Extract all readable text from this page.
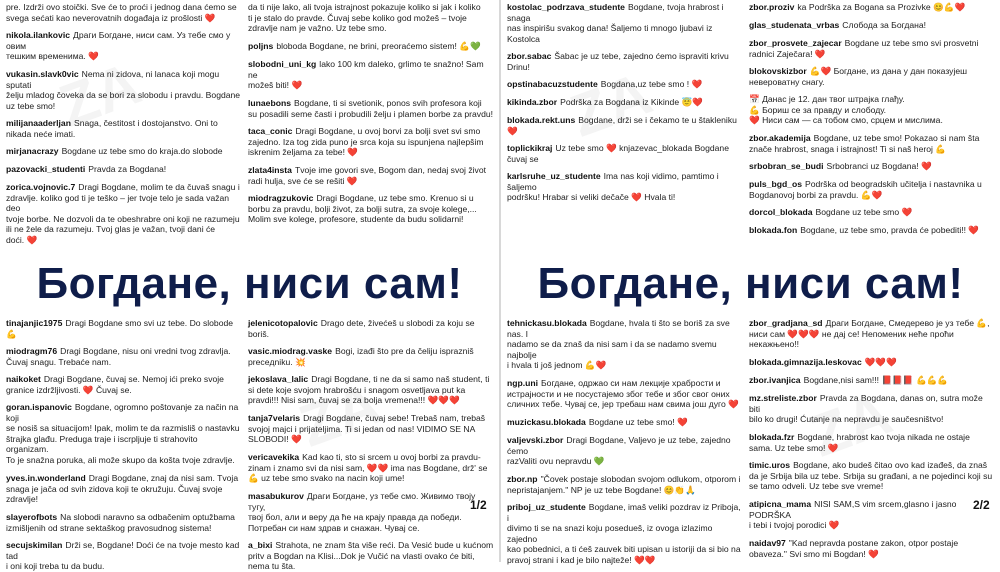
pre. Izdrži ovo stoički. Sve će to proći i jednog dana ćemo se
svega sećati kao neverovatnih događaja iz prošlosti ❤️
nikola.ilankovic Драги Богдане, ниси сам. Уз тебе смо у овим
тешким временима. ❤️
vukasin.slavk0vic Nema ni zidova, ni lanaca koji mogu sputati
želju mladog čoveka da se bori za slobodu i pravdu. Bogdane
uz tebe smo!
milijanaaderljan Snaga, čestitost i dostojanstvo. Oni to
nikada neće imati.
mirjanacrazy Bogdane uz tebe smo do kraja.do slobode
pazovacki_studenti Pravda za Bogdana!
zorica.vojnovic.7 Dragi Bogdane, molim te da čuvaš snagu i
zdravlje. koliko god ti je teško – jer tvoje telo je sada važan deo
tvoje borbe. Ne dozvoli da te obeshrabre oni koji ne razumeju
ili ne žele da razumeju. Tvoj glas je važan, tvoji dani će
doći. ❤️
tinajanjic1975 Dragi Bogdane smo svi uz tebe. Do slobode 💪
miodragm76 Dragi Bogdane, nisu oni vredni tvog zdravlja.
Čuvaj snagu. Trebaće nam.
naikoket Dragi Bogdane, čuvaj se. Nemoj ići preko svoje
granice izdržljivosti. ❤️ Čuvaj se.
goran.ispanovic Bogdane, ogromno poštovanje za način na koji
se nosiš sa situacijom! Ipak, molim te da razmisliš o nastavku
štrajka glađu. Preduga traje i iscrpljuje ti strahovito organizam.
To je snažna poruka, ali može skupo da košta tvoje zdravlje.
yves.in.wonderland Dragi Bogdane, znaj da nisi sam. Tvoja
snaga je jača od svih zidova koji te okružuju. Čuvaj svoje
zdravlje!
slayerofbots Na slobodi naravno sa odbačenim optužbama
izmišljenih od strane sektaškog pravosudnog sistema!
secujskimilan Drži se, Bogdane! Doći će na tvoje mesto kad tad
i oni koji treba tu da budu.
da ti nije lako, ali tvoja istrajnost pokazuje koliko si jak i koliko
ti je stalo do pravde. Čuvaj sebe koliko god možeš – tvoje
zdravlje nam je važno. Uz tebe smo.
poljns bloboda Bogdane, ne brini, preoraćemo sistem! 💪💚
slobodni_uni_kg lako 100 km daleko, grlimo te snažno! Sam ne
možeš biti! ❤️
lunaebons Bogdane, ti si svetionik, ponos svih profesora koji
su posadili seme časti i probudili želju i plamen borbe za pravdu!
taca_conic Dragi Bogdane, u ovoj borvi za bolji svet svi smo
zajedno. Iza tog zida puno je srca koja su ispunjena najlepšim
iskrenim željama za tebe! ❤️
zlata4insta Tvoje ime govori sve, Bogom dan, nedaj svoj život
radi hulja, sve će se rešiti ❤️
miodragzukovic Dragi Bogdane, uz tebe smo. Krenuo si u
borbu za pravdu, bolji život, za bolji sutra, za svoje kolege,...
Molim sve kolege, profesore, studente da budu solidarni!
jelenicotopalovic Drago dete, živećeš u slobodi za koju se boriš.
vasic.miodrag.vaske Bogi, izađi što pre da čeliju isprazniš
preceдniku. 💥
jekoslava_lalic Dragi Bogdane, ti ne da si samo naš student, ti
si dete koje svojom hrabrošću i snagom osvetljava put ka
pravdi!!! Nisi sam, čuvaj se za bolja vremena!!! ❤️❤️❤️
tanja7velaris Dragi Bogdane, čuvaj sebe! Trebaš nam, trebaš
svojoj majci i prijateljima. Ti si jedan od nas! VIDIMO SE NA
SLOBODI! ❤️
vericavekika Kad kao ti, sto si srcem u ovoj borbi za pravdu-
zinam i znamo svi da nisi sam, ❤️❤️ ima nas Bogdane, drž' se
💪 uz tebe smo svako na nacin koji ume!
masabukurov Драги Богдане, уз тебе смо. Живимо твоју тугу,
твој бол, али и веру да ће на крају правда да победи.
Потребан си нам здрав и снажан. Чувај се.
a_bixi Strahota, ne znam šta više reći. Da Vesić bude u kućnom
pritv a Bogdan na Klisi...Dok je Vučić na vlasti ovako će biti,
nema tu šta.
Богдане, ниси сам!
1/2
kostolac_podrzava_studente Bogdane, tvoja hrabrost i snaga
nas inspirišu svakog dana! Šaljemo ti mnogo ljubavi iz Kostolca
zbor.sabac Šabac je uz tebe, zajedno ćemo ispraviti krivu Drinu!
opstinabacuzstudente Bogdana,uz tebe smo ! ❤️
kikinda.zbor Podrška za Bogdana iz Kikinde 😇❤️
blokada.rekt.uns Bogdane, drži se i čekamo te u štakleniku ❤️
toplickikraj Uz tebe smo ❤️ knjazevac_blokada Bogdane čuvaj se
karlsruhe_uz_studente Ima nas koji vidimo, pamtimo i šaljemo
podršku! Hrabar si veliki dečače ❤️ Hvala ti!
tehnickasu.blokada Bogdane, hvala ti što se boriš za sve nas. I
nadamo se da znaš da nisi sam i da se nadamo svemu najbolje
i hvala ti još jednom 💪❤️
ngp.uni Богдане, одржао си нам лекције храбрости и
истрајности и не посустајемо због тебе и због свог оних
сличних тебе. Чувај се, јер требаш нам свима још дуго ❤️
muzickasu.blokada Bogdane uz tebe smo! ❤️
valjevski.zbor Dragi Bogdane, Valjevo je uz tebe, zajedno ćemo
razValiti ovu nepravdu 💚
zbor.np "Čovek postaje slobodan svojom odlukom, otporom i
nepristajanjem." NP je uz tebe Bogdane! 😊👏🙏
priboj_uz_studente Bogdane, imaš veliki pozdrav iz Priboja, i
divimo ti se na snazi koju posedueš, iz ovoga izlazimo zajedno
kao pobednici, a ti ćeš zauvek biti upisan u istoriji da si bio na
pravoj strani i kad je bilo najteže! ❤️❤️
zbor.proziv ka Podrška za Bogana sa Prozivke 😊💪❤️
glas_studenata_vrbas Слобода за Богдана!
zbor_prosvete_zajecar Bogdane uz tebe smo svi prosvetni
radnici Zaječara! ❤️
blokovskizbor 💪❤️ Богдане, из дана у дан показујеш
невероватну снагу.
📅 Данас је 12. дан твог штрајка глађу.
💪 Бориш се за правду и слободу.
❤️ Ниси сам — са тобом смо, срцем и мислима.
zbor.akademija Bogdane, uz tebe smo! Pokazao si nam šta
znače hrabrost, snaga i istrajnost! Ti si naš heroj 💪
srbobran_se_budi Srbobranci uz Bogdana! ❤️
puls_bgd_os Podrška od beogradskih učitelja i nastavnika u
Bogdanovoj borbi za pravdu. 💪❤️
dorcol_blokada Bogdane uz tebe smo ❤️
blokada.fon Bogdane, uz tebe smo, pravda će pobediti!! ❤️
zbor_gradjana_sd Драги Богдане, Смедерево је уз тебе 💪,
ниси сам ❤️❤️❤️ не дај се! Непоменик неће проћи
некажњено!!
blokada.gimnazija.leskovac ❤️❤️❤️
zbor.ivanjica Bogdane,nisi sam!!! 📕📕📕 💪💪💪
mz.streliste.zbor Pravda za Bogdana, danas on, sutra može biti
bilo ko drugi! Ćutanje na nepravdu je saučesništvo!
blokada.fzr Bogdane, hrabrost kao tvoja nikada ne ostaje
sama. Uz tebe smo! ❤️
timic.uros Bogdane, ako budeš čitao ovo kad izađeš, da znaš
da je Srbija bila uz tebe. Srbija su građani, a ne pojedinci koji su
se tamo odveli. Uz tebe sve vreme!
atipicna_mama NISI SAM,S vim srcem,glasno i jasno PODRŠKA
i tebi i tvojoj porodici ❤️
naidav97 "Kad nepravda postane zakon, otpor postaje
obaveza." Svi smo mi Bogdan! ❤️
Богдане, ниси сам!
2/2
